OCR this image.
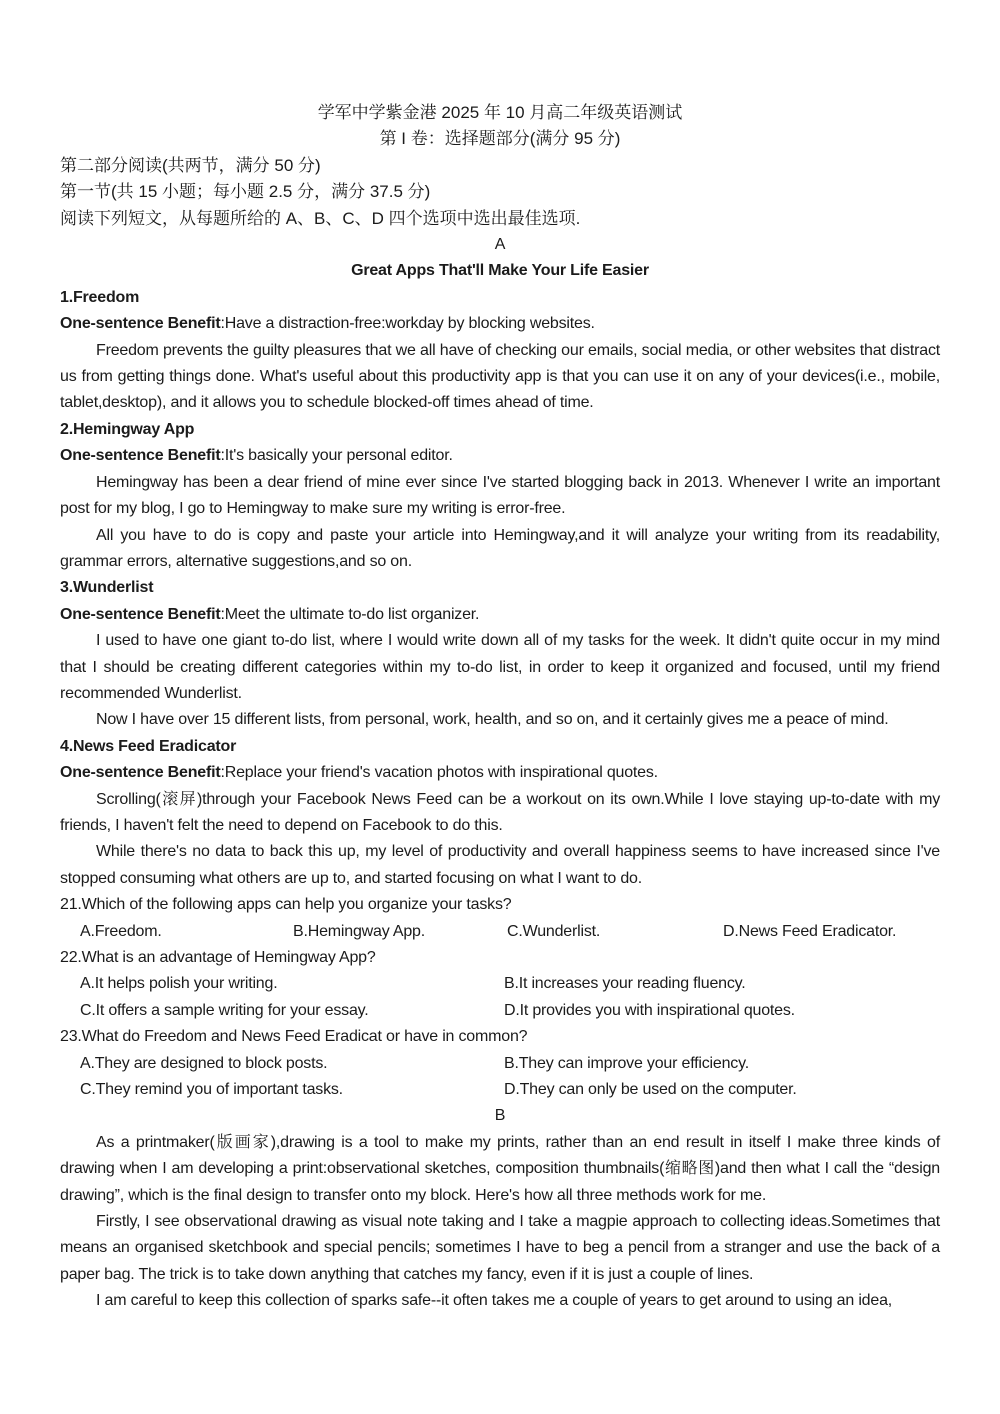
学军中学紫金港 2025 年 10 月高二年级英语测试
第 I 卷：选择题部分(满分 95 分)
第二部分阅读(共两节，满分 50 分)
第一节(共 15 小题；每小题 2.5 分，满分 37.5 分)
阅读下列短文，从每题所给的 A、B、C、D 四个选项中选出最佳选项.
A
Great Apps That'll Make Your Life Easier
1.Freedom
One-sentence Benefit:Have a distraction-free:workday by blocking websites.

Freedom prevents the guilty pleasures that we all have of checking our emails, social media, or other websites that distract us from getting things done. What's useful about this productivity app is that you can use it on any of your devices(i.e., mobile, tablet,desktop), and it allows you to schedule blocked-off times ahead of time.

2.Hemingway App
One-sentence Benefit:It's basically your personal editor.

Hemingway has been a dear friend of mine ever since I've started blogging back in 2013. Whenever I write an important post for my blog, I go to Hemingway to make sure my writing is error-free.

All you have to do is copy and paste your article into Hemingway,and it will analyze your writing from its readability, grammar errors, alternative suggestions,and so on.

3.Wunderlist
One-sentence Benefit:Meet the ultimate to-do list organizer.

I used to have one giant to-do list, where I would write down all of my tasks for the week. It didn't quite occur in my mind that I should be creating different categories within my to-do list, in order to keep it organized and focused, until my friend recommended Wunderlist.

Now I have over 15 different lists, from personal, work, health, and so on, and it certainly gives me a peace of mind.

4.News Feed Eradicator
One-sentence Benefit:Replace your friend's vacation photos with inspirational quotes.

Scrolling(滚屏)through your Facebook News Feed can be a workout on its own.While I love staying up-to-date with my friends, I haven't felt the need to depend on Facebook to do this.

While there's no data to back this up, my level of productivity and overall happiness seems to have increased since I've stopped consuming what others are up to, and started focusing on what I want to do.

21.Which of the following apps can help you organize your tasks?
A.Freedom.	B.Hemingway App.	C.Wunderlist.	D.News Feed Eradicator.
22.What is an advantage of Hemingway App?
A.It helps polish your writing.	B.It increases your reading fluency.
C.It offers a sample writing for your essay.	D.It provides you with inspirational quotes.
23.What do Freedom and News Feed Eradicat or have in common?
A.They are designed to block posts.	B.They can improve your efficiency.
C.They remind you of important tasks.	D.They can only be used on the computer.
B

As a printmaker(版画家),drawing is a tool to make my prints, rather than an end result in itself I make three kinds of drawing when I am developing a print:observational sketches, composition thumbnails(缩略图)and then what I call the “design drawing”, which is the final design to transfer onto my block. Here's how all three methods work for me.

Firstly, I see observational drawing as visual note taking and I take a magpie approach to collecting ideas.Sometimes that means an organised sketchbook and special pencils; sometimes I have to beg a pencil from a stranger and use the back of a paper bag. The trick is to take down anything that catches my fancy, even if it is just a couple of lines.

I am careful to keep this collection of sparks safe--it often takes me a couple of years to get around to using an idea,
